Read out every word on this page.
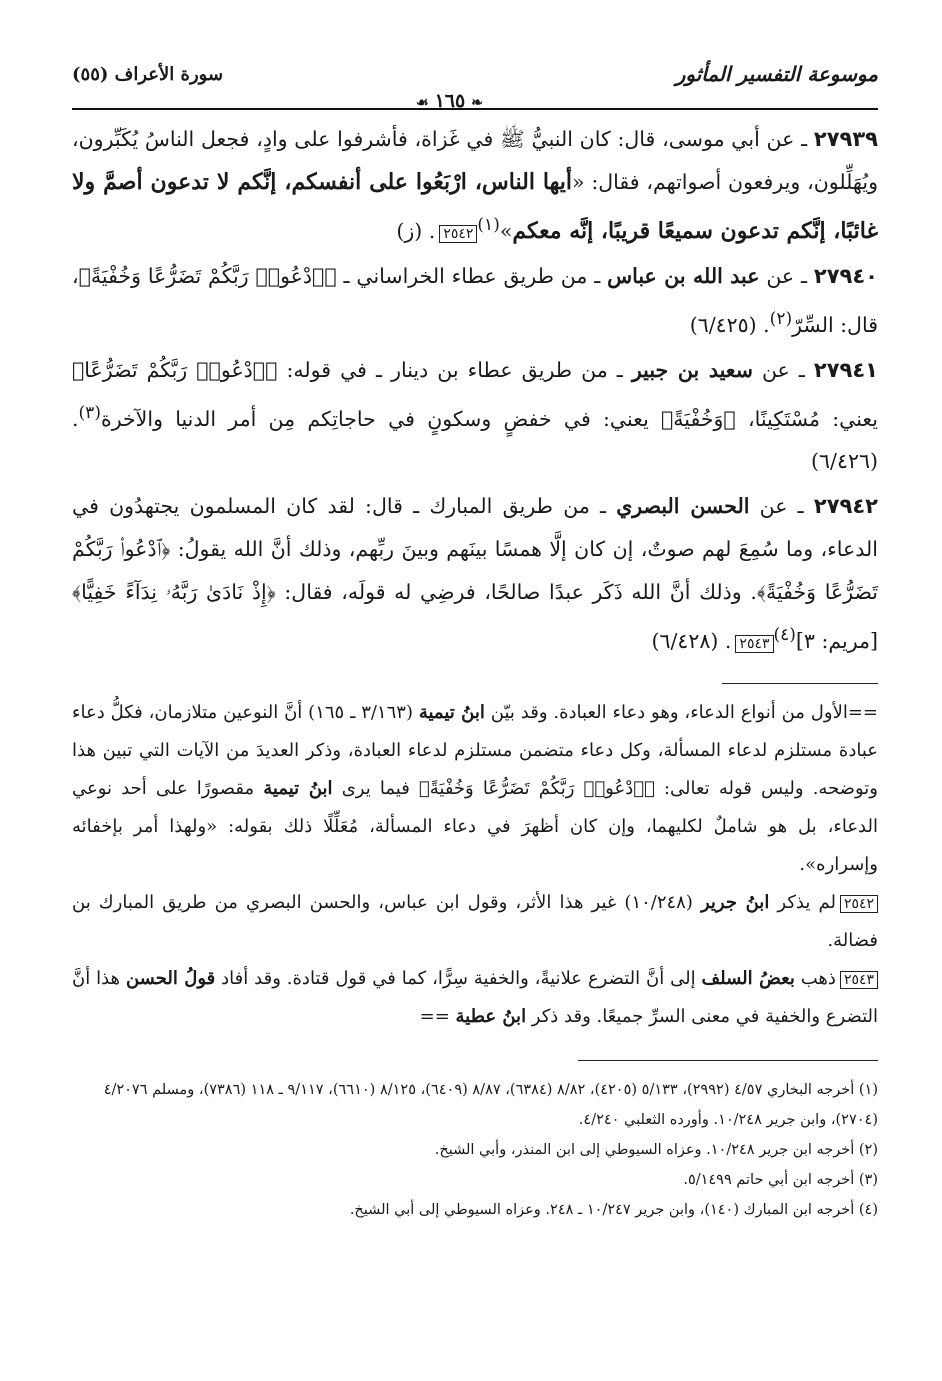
موسوعة التفسير المأثور
❧١٦٥☙
سورة الأعراف (٥٥)

٢٧٩٣٩ ـ عن أبي موسى، قال: كان النبيُّ ﷺ في غَزاة، فأشرفوا على وادٍ، فجعل الناسُ يُكَبِّرون، ويُهَلِّلون، ويرفعون أصواتهم، فقال: «أيها الناس، ارْبَعُوا على أنفسكم، إنَّكم لا تدعون أصمَّ ولا غائبًا، إنَّكم تدعون سميعًا قريبًا، إنَّه معكم»$^{(١)}$٢٥٤٢. (ز)

٢٧٩٤٠ ـ عن عبد الله بن عباس ـ من طريق عطاء الخراساني ـ ﴿ٱدْعُوا۟ رَبَّكُمْ تَضَرُّعًا وَخُفْيَةً﴾، قال: السِّرّ$^{(٢)}$. (٦/٤٢٥)

٢٧٩٤١ ـ عن سعيد بن جبير ـ من طريق عطاء بن دينار ـ في قوله: ﴿ٱدْعُوا۟ رَبَّكُمْ تَضَرُّعًا﴾ يعني: مُسْتَكِينًا، ﴿وَخُفْيَةً﴾ يعني: في خفضٍ وسكونٍ في حاجاتِكم مِن أمر الدنيا والآخرة$^{(٣)}$. (٦/٤٢٦)

٢٧٩٤٢ ـ عن الحسن البصري ـ من طريق المبارك ـ قال: لقد كان المسلمون يجتهدُون في الدعاء، وما سُمِعَ لهم صوتٌ، إن كان إلَّا همسًا بينَهم وبينَ ربِّهم، وذلك أنَّ الله يقولُ: ﴿ٱدْعُوا۟ رَبَّكُمْ تَضَرُّعًا وَخُفْيَةً﴾. وذلك أنَّ الله ذَكَر عبدًا صالحًا، فرضِي له قولَه، فقال: ﴿إِذْ نَادَىٰ رَبَّهُۥ نِدَآءً خَفِيًّا﴾ [مريم: ٣]$^{(٤)}$٢٥٤٣. (٦/٤٢٨)

==الأول من أنواع الدعاء، وهو دعاء العبادة. وقد بيّن ابنُ تيمية (٣/١٦٣ ـ ١٦٥) أنَّ النوعين متلازمان، فكلُّ دعاء عبادة مستلزم لدعاء المسألة، وكل دعاء متضمن مستلزم لدعاء العبادة، وذكر العديدَ من الآيات التي تبين هذا وتوضحه. وليس قوله تعالى: ﴿ٱدْعُوا۟ رَبَّكُمْ تَضَرُّعًا وَخُفْيَةً﴾ فيما يرى ابنُ تيمية مقصورًا على أحد نوعي الدعاء، بل هو شاملٌ لكليهما، وإن كان أظهرَ في دعاء المسألة، مُعَلِّلًا ذلك بقوله: «ولهذا أمر بإخفائه وإسراره».

٢٥٤٢لم يذكر ابنُ جرير (١٠/٢٤٨) غير هذا الأثر، وقول ابن عباس، والحسن البصري من طريق المبارك بن فضالة.

٢٥٤٣ذهب بعضُ السلف إلى أنَّ التضرع علانيةً، والخفية سِرًّا، كما في قول قتادة. وقد أفاد قولُ الحسن هذا أنَّ التضرع والخفية في معنى السرِّ جميعًا. وقد ذكر ابنُ عطية ==

(١) أخرجه البخاري ٤/٥٧ (٢٩٩٢)، ٥/١٣٣ (٤٢٠٥)، ٨/٨٢ (٦٣٨٤)، ٨/٨٧ (٦٤٠٩)، ٨/١٢٥ (٦٦١٠)، ٩/١١٧ ـ ١١٨ (٧٣٨٦)، ومسلم ٤/٢٠٧٦ (٢٧٠٤)، وابن جرير ١٠/٢٤٨. وأورده الثعلبي ٤/٢٤٠.

(٢) أخرجه ابن جرير ١٠/٢٤٨. وعزاه السيوطي إلى ابن المنذر، وأبي الشيخ.

(٣) أخرجه ابن أبي حاتم ٥/١٤٩٩.

(٤) أخرجه ابن المبارك (١٤٠)، وابن جرير ١٠/٢٤٧ ـ ٢٤٨. وعزاه السيوطي إلى أبي الشيخ.
